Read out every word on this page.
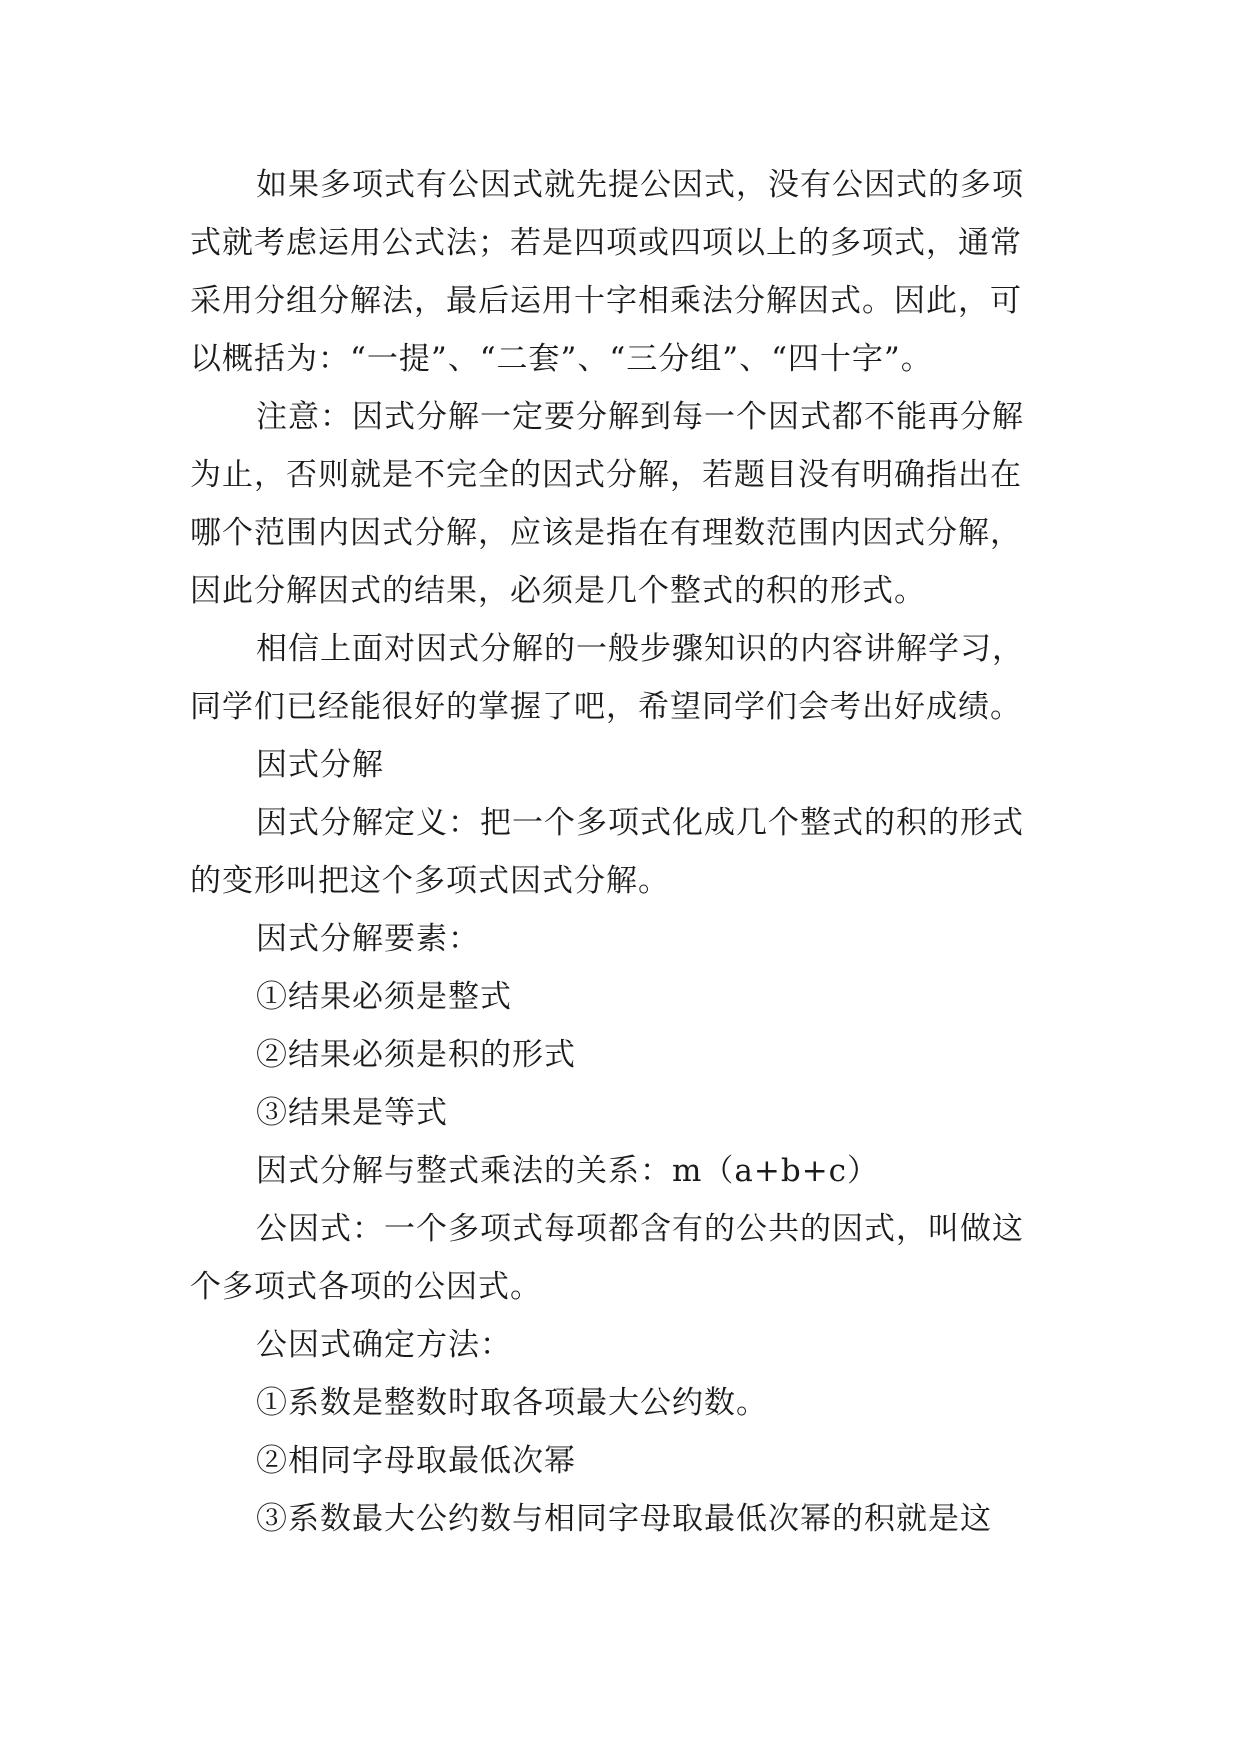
如果多项式有公因式就先提公因式，没有公因式的多项
式就考虑运用公式法；若是四项或四项以上的多项式，通常
采用分组分解法，最后运用十字相乘法分解因式。因此，可
以概括为：“一提”、“二套”、“三分组”、“四十字”。
注意：因式分解一定要分解到每一个因式都不能再分解
为止，否则就是不完全的因式分解，若题目没有明确指出在
哪个范围内因式分解，应该是指在有理数范围内因式分解，
因此分解因式的结果，必须是几个整式的积的形式。
相信上面对因式分解的一般步骤知识的内容讲解学习，
同学们已经能很好的掌握了吧，希望同学们会考出好成绩。
因式分解
因式分解定义：把一个多项式化成几个整式的积的形式
的变形叫把这个多项式因式分解。
因式分解要素：
①结果必须是整式
②结果必须是积的形式
③结果是等式
因式分解与整式乘法的关系：m（a+b+c）
公因式：一个多项式每项都含有的公共的因式，叫做这
个多项式各项的公因式。
公因式确定方法：
①系数是整数时取各项最大公约数。
②相同字母取最低次幂
③系数最大公约数与相同字母取最低次幂的积就是这
